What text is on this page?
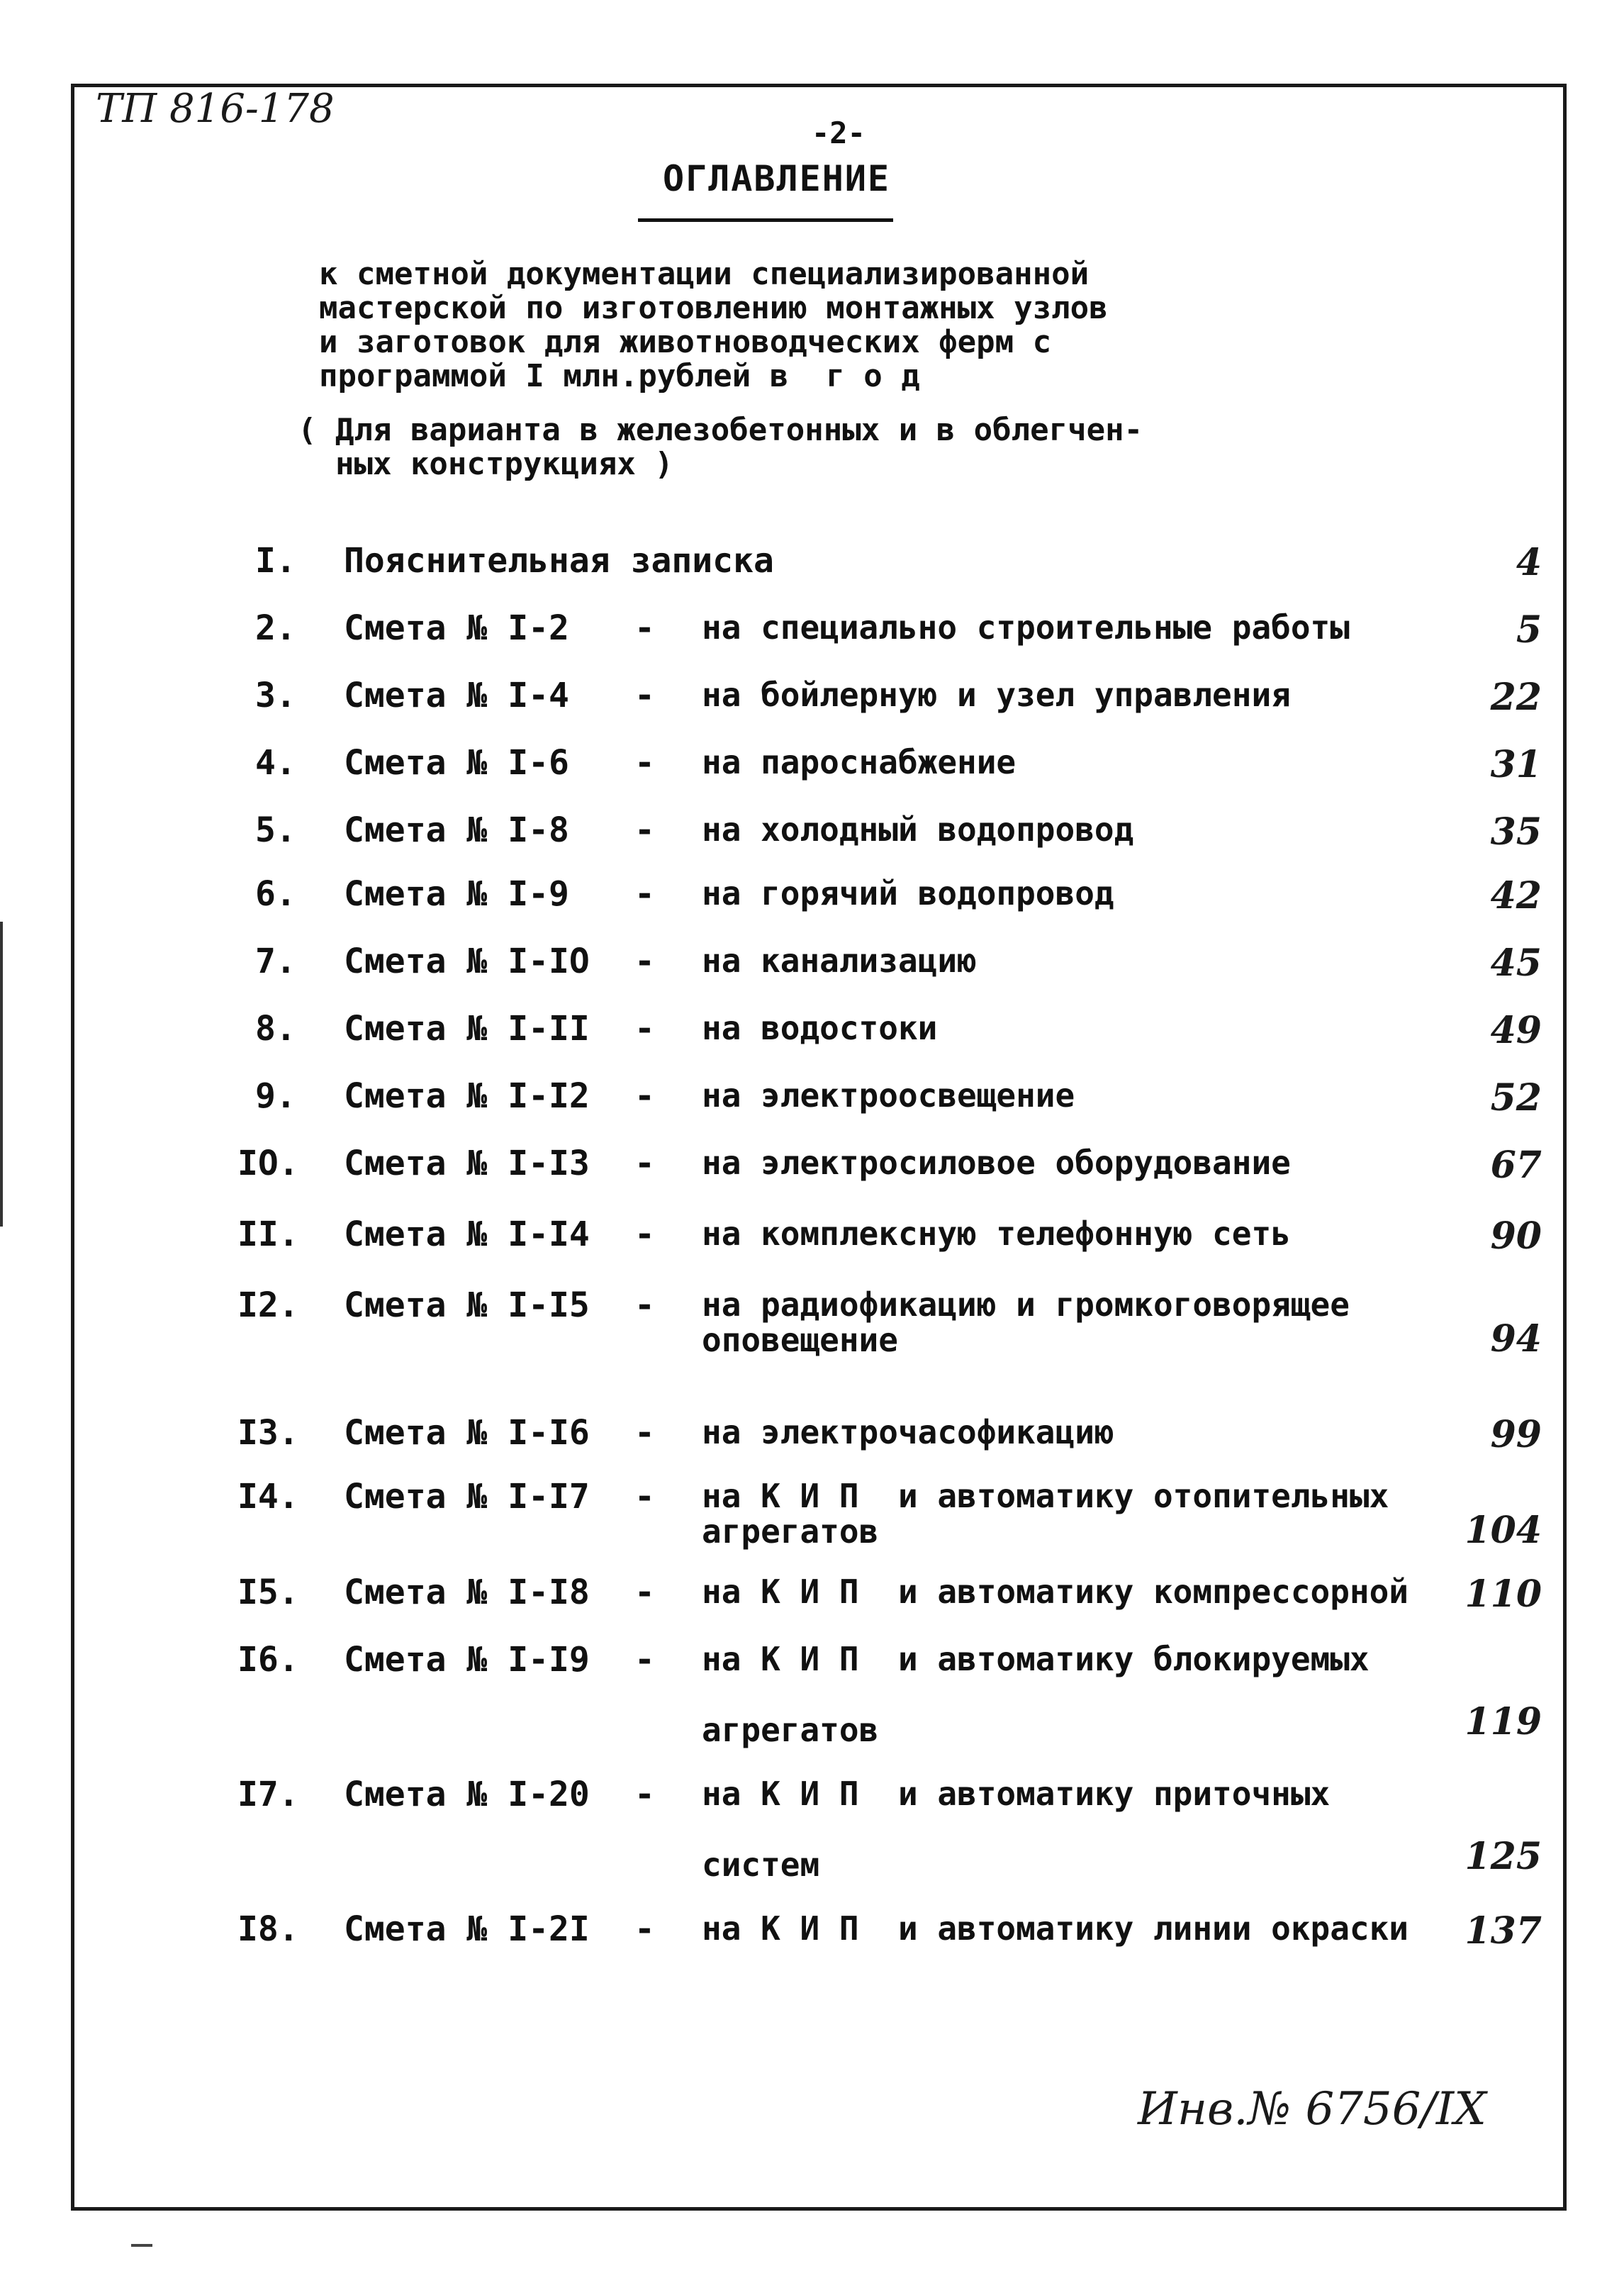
ТП 816-178
-2-
ОГЛАВЛЕНИЕ
к сметной документации специализированной
мастерской по изготовлению монтажных узлов
и заготовок для животноводческих ферм с
программой I млн.рублей в  г о д
( Для варианта в железобетонных и в облегчен-
ных конструкциях )
I. Пояснительная записка	4
2. Смета № I-2 - на специально строительные работы	5
3. Смета № I-4 - на бойлерную и узел управления	22
4. Смета № I-6 - на пароснабжение	31
5. Смета № I-8 - на холодный водопровод	35
6. Смета № I-9 - на горячий водопровод	42
7. Смета № I-IO - на канализацию	45
8. Смета № I-II - на водостоки	49
9. Смета № I-I2 - на электроосвещение	52
IO. Смета № I-I3 - на электросиловое оборудование	67
II. Смета № I-I4 - на комплексную телефонную сеть	90
I2. Смета № I-I5 - на радиофикацию и громкоговорящее
оповещение	94
I3. Смета № I-I6 - на электрочасофикацию	99
I4. Смета № I-I7 - на К И П  и автоматику отопительных
агрегатов	104
I5. Смета № I-I8 - на К И П  и автоматику компрессорной 110
I6. Смета № I-I9 - на К И П  и автоматику блокируемых

агрегатов	119
I7. Смета № I-20 - на К И П  и автоматику приточных

систем	125
I8. Смета № I-2I - на К И П  и автоматику линии окраски 137
Инв.№ 6756/IX
